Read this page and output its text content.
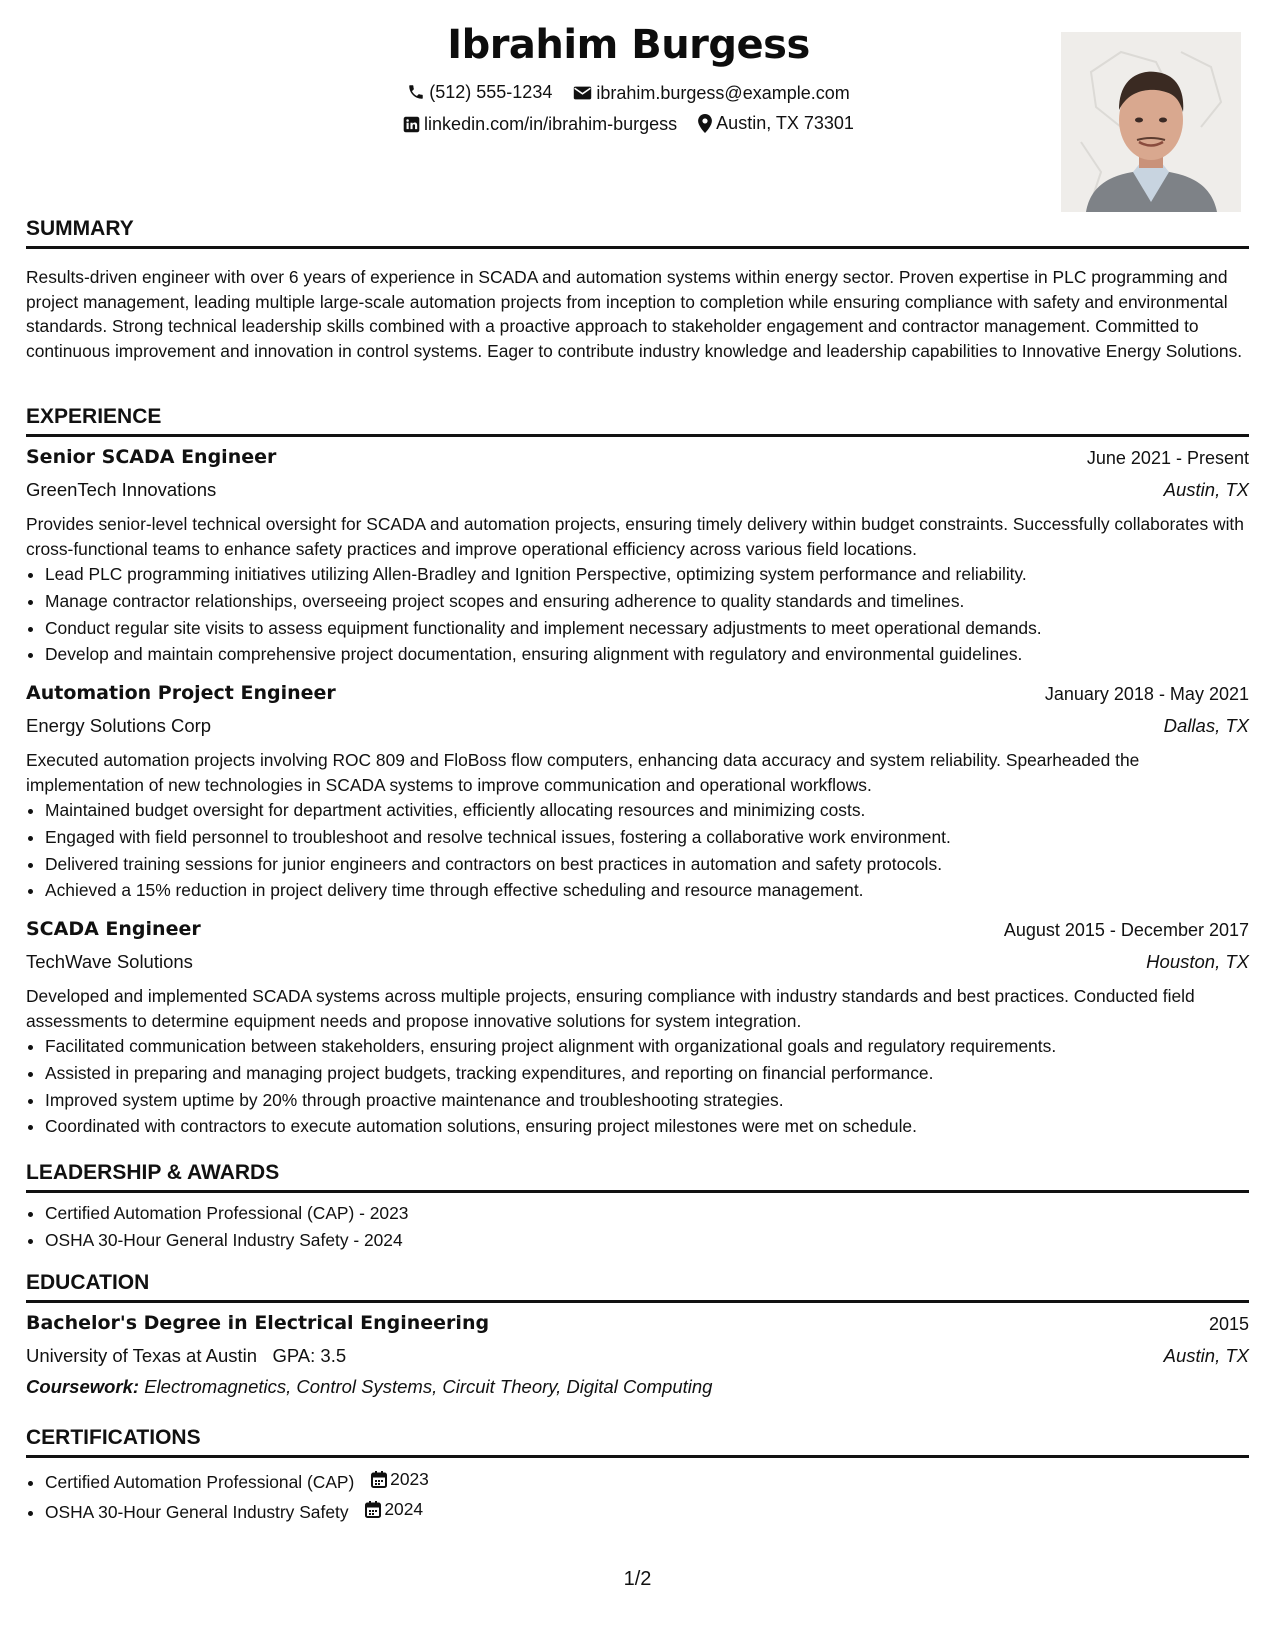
Ibrahim Burgess
(512) 555-1234
ibrahim.burgess@example.com
linkedin.com/in/ibrahim-burgess
Austin, TX 73301
SUMMARY
Results-driven engineer with over 6 years of experience in SCADA and automation systems within energy sector. Proven expertise in PLC programming and project management, leading multiple large-scale automation projects from inception to completion while ensuring compliance with safety and environmental standards. Strong technical leadership skills combined with a proactive approach to stakeholder engagement and contractor management. Committed to continuous improvement and innovation in control systems. Eager to contribute industry knowledge and leadership capabilities to Innovative Energy Solutions.
EXPERIENCE
Senior SCADA Engineer	June 2021 - Present
GreenTech Innovations	Austin, TX
Provides senior-level technical oversight for SCADA and automation projects, ensuring timely delivery within budget constraints. Successfully collaborates with cross-functional teams to enhance safety practices and improve operational efficiency across various field locations.
• Lead PLC programming initiatives utilizing Allen-Bradley and Ignition Perspective, optimizing system performance and reliability.
• Manage contractor relationships, overseeing project scopes and ensuring adherence to quality standards and timelines.
• Conduct regular site visits to assess equipment functionality and implement necessary adjustments to meet operational demands.
• Develop and maintain comprehensive project documentation, ensuring alignment with regulatory and environmental guidelines.
Automation Project Engineer	January 2018 - May 2021
Energy Solutions Corp	Dallas, TX
Executed automation projects involving ROC 809 and FloBoss flow computers, enhancing data accuracy and system reliability. Spearheaded the implementation of new technologies in SCADA systems to improve communication and operational workflows.
• Maintained budget oversight for department activities, efficiently allocating resources and minimizing costs.
• Engaged with field personnel to troubleshoot and resolve technical issues, fostering a collaborative work environment.
• Delivered training sessions for junior engineers and contractors on best practices in automation and safety protocols.
• Achieved a 15% reduction in project delivery time through effective scheduling and resource management.
SCADA Engineer	August 2015 - December 2017
TechWave Solutions	Houston, TX
Developed and implemented SCADA systems across multiple projects, ensuring compliance with industry standards and best practices. Conducted field assessments to determine equipment needs and propose innovative solutions for system integration.
• Facilitated communication between stakeholders, ensuring project alignment with organizational goals and regulatory requirements.
• Assisted in preparing and managing project budgets, tracking expenditures, and reporting on financial performance.
• Improved system uptime by 20% through proactive maintenance and troubleshooting strategies.
• Coordinated with contractors to execute automation solutions, ensuring project milestones were met on schedule.
LEADERSHIP & AWARDS
• Certified Automation Professional (CAP) - 2023
• OSHA 30-Hour General Industry Safety - 2024
EDUCATION
Bachelor's Degree in Electrical Engineering	2015
University of Texas at Austin GPA: 3.5	Austin, TX
Coursework: Electromagnetics, Control Systems, Circuit Theory, Digital Computing
CERTIFICATIONS
• Certified Automation Professional (CAP) 2023
• OSHA 30-Hour General Industry Safety 2024
1/2
